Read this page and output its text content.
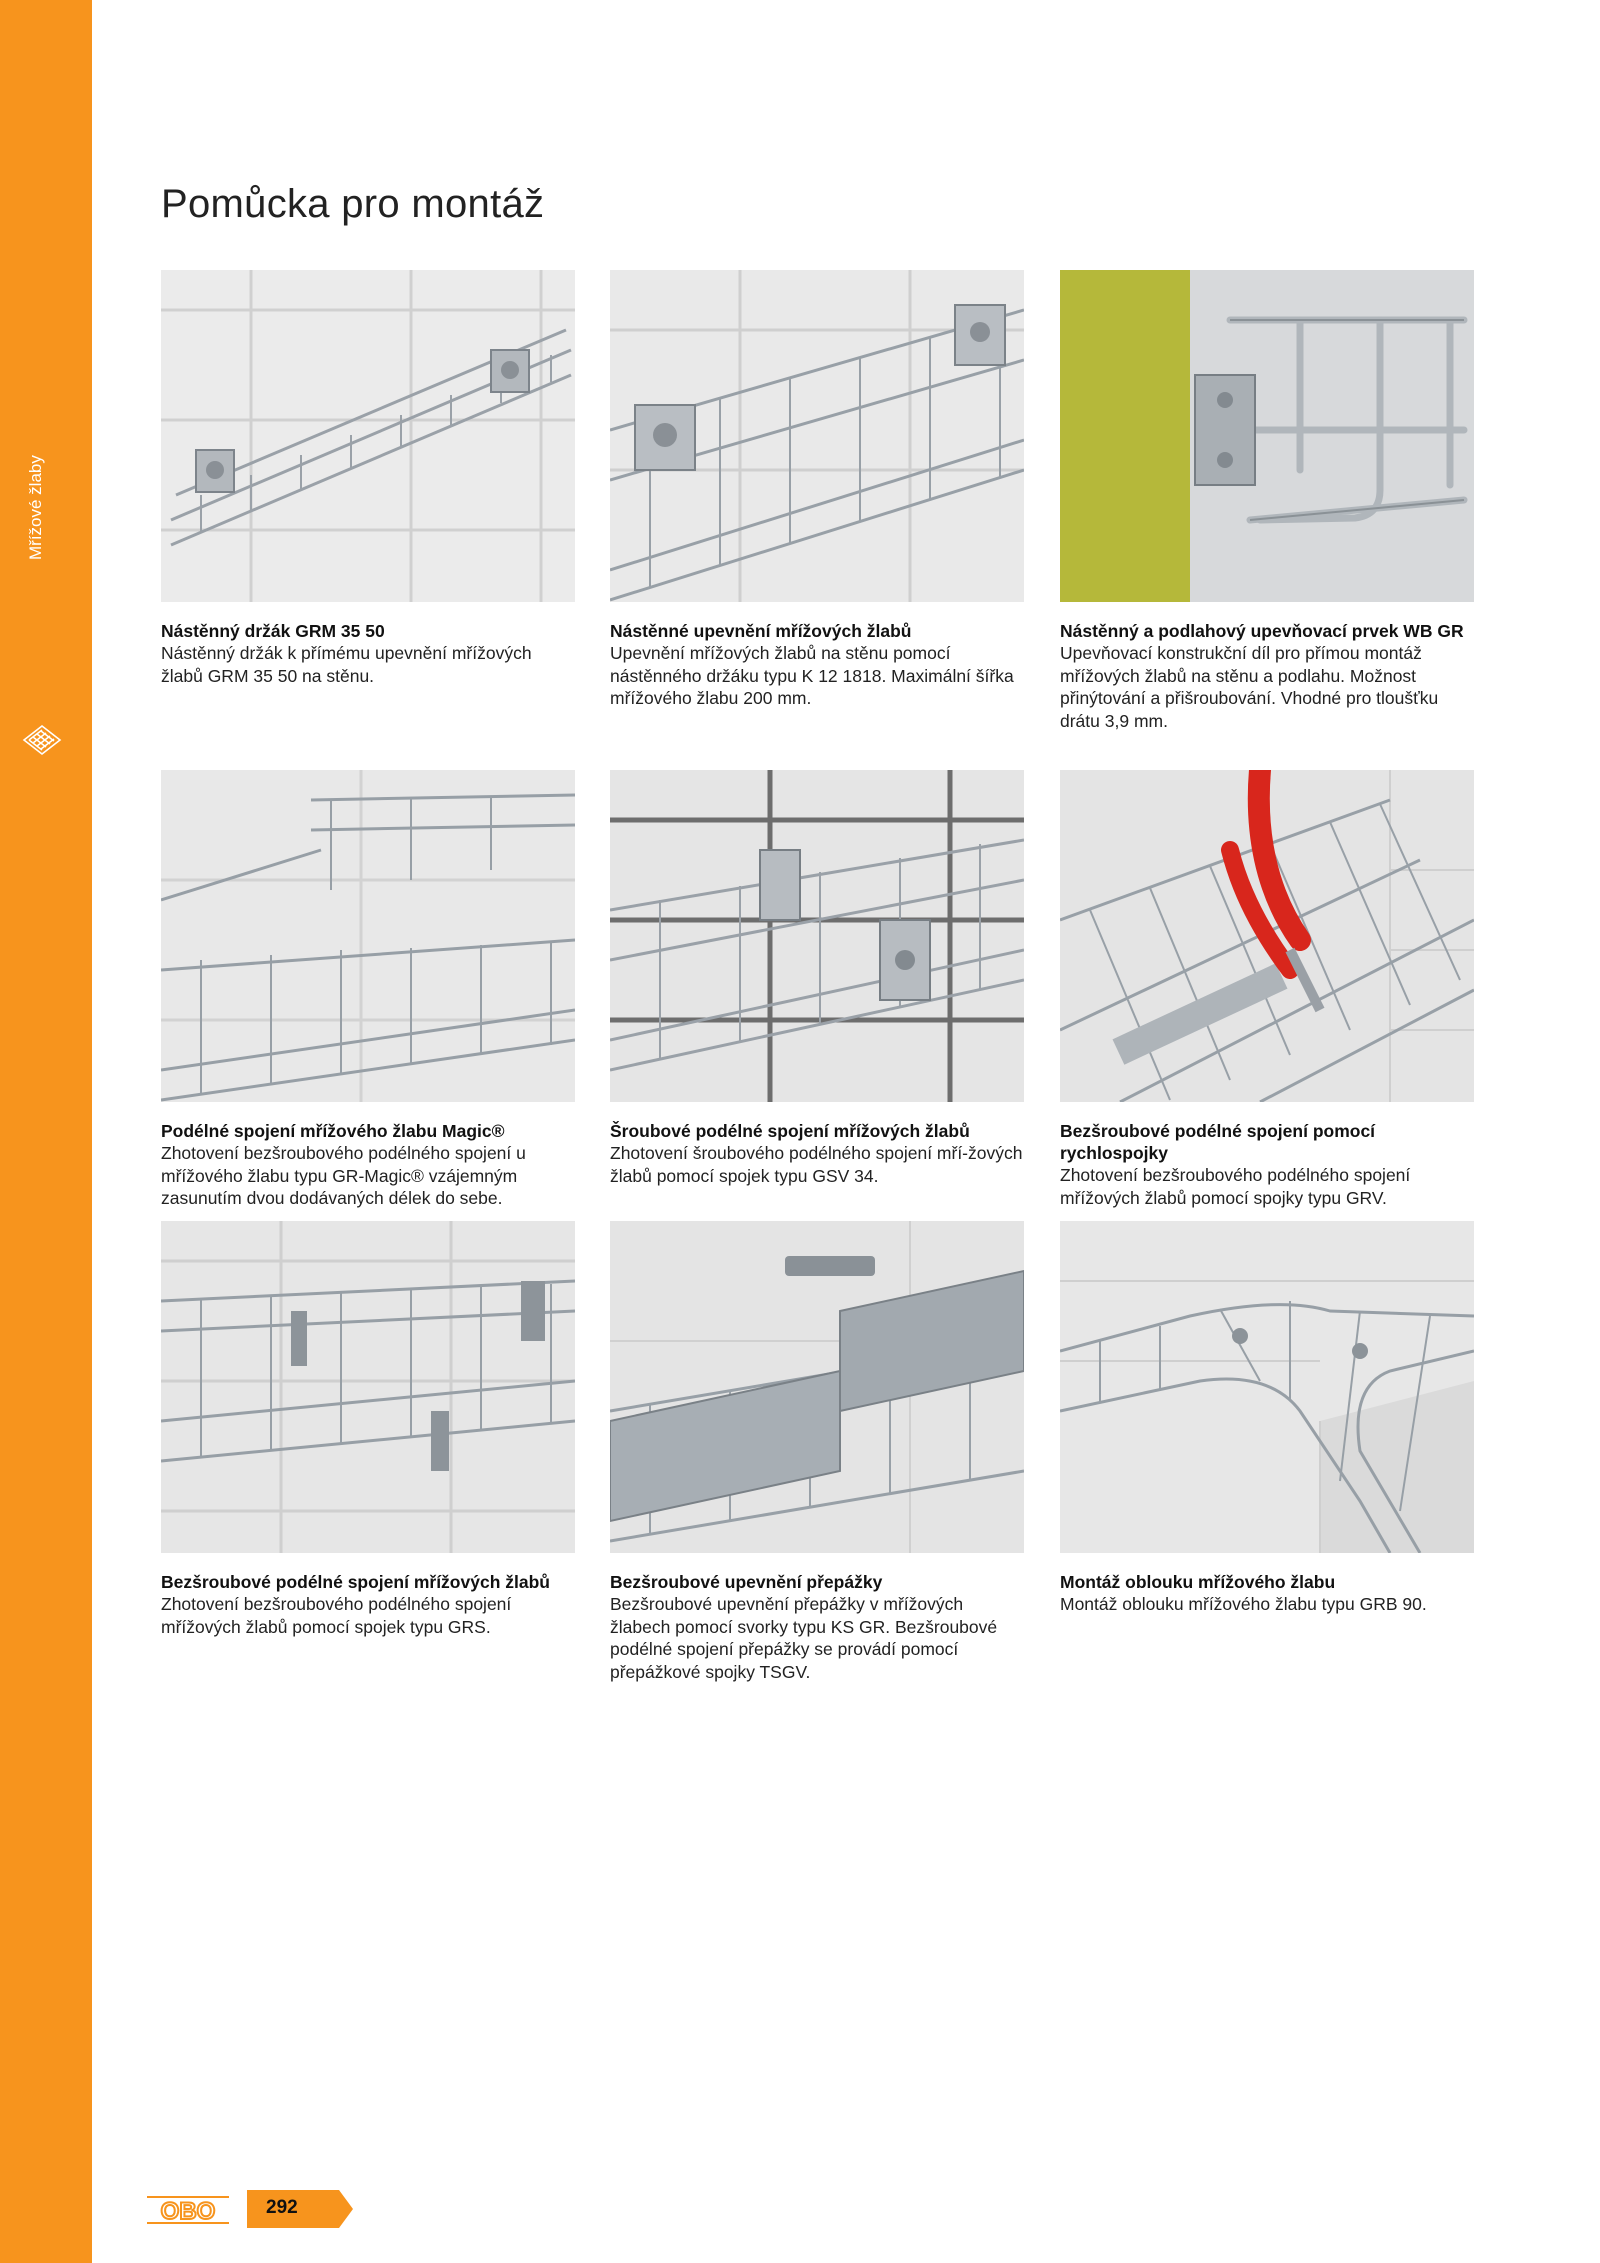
Mřížové žlaby
Pomůcka pro montáž
Nástěnný držák GRM 35 50
Nástěnný držák k přímému upevnění mřížových žlabů GRM 35 50 na stěnu.
Nástěnné upevnění mřížových žlabů
Upevnění mřížových žlabů na stěnu pomocí nástěnného držáku typu K 12 1818. Maximální šířka mřížového žlabu 200 mm.
Nástěnný a podlahový upevňovací prvek WB GR
Upevňovací konstrukční díl pro přímou montáž mřížových žlabů na stěnu a podlahu. Možnost přinýtování a přišroubování. Vhodné pro tloušťku drátu 3,9 mm.
Podélné spojení mřížového žlabu Magic®
Zhotovení bezšroubového podélného spojení u mřížového žlabu typu GR-Magic® vzájemným zasunutím dvou dodávaných délek do sebe.
Šroubové podélné spojení mřížových žlabů
Zhotovení šroubového podélného spojení mří-žových žlabů pomocí spojek typu GSV 34.
Bezšroubové podélné spojení pomocí rychlospojky
Zhotovení bezšroubového podélného spojení mřížových žlabů pomocí spojky typu GRV.
Bezšroubové podélné spojení mřížových žlabů
Zhotovení bezšroubového podélného spojení mřížových žlabů pomocí spojek typu GRS.
Bezšroubové upevnění přepážky
Bezšroubové upevnění přepážky v mřížových žlabech pomocí svorky typu KS GR. Bezšroubové podélné spojení přepážky se provádí pomocí přepážkové spojky TSGV.
Montáž oblouku mřížového žlabu
Montáž oblouku mřížového žlabu typu GRB 90.
OBO	292
